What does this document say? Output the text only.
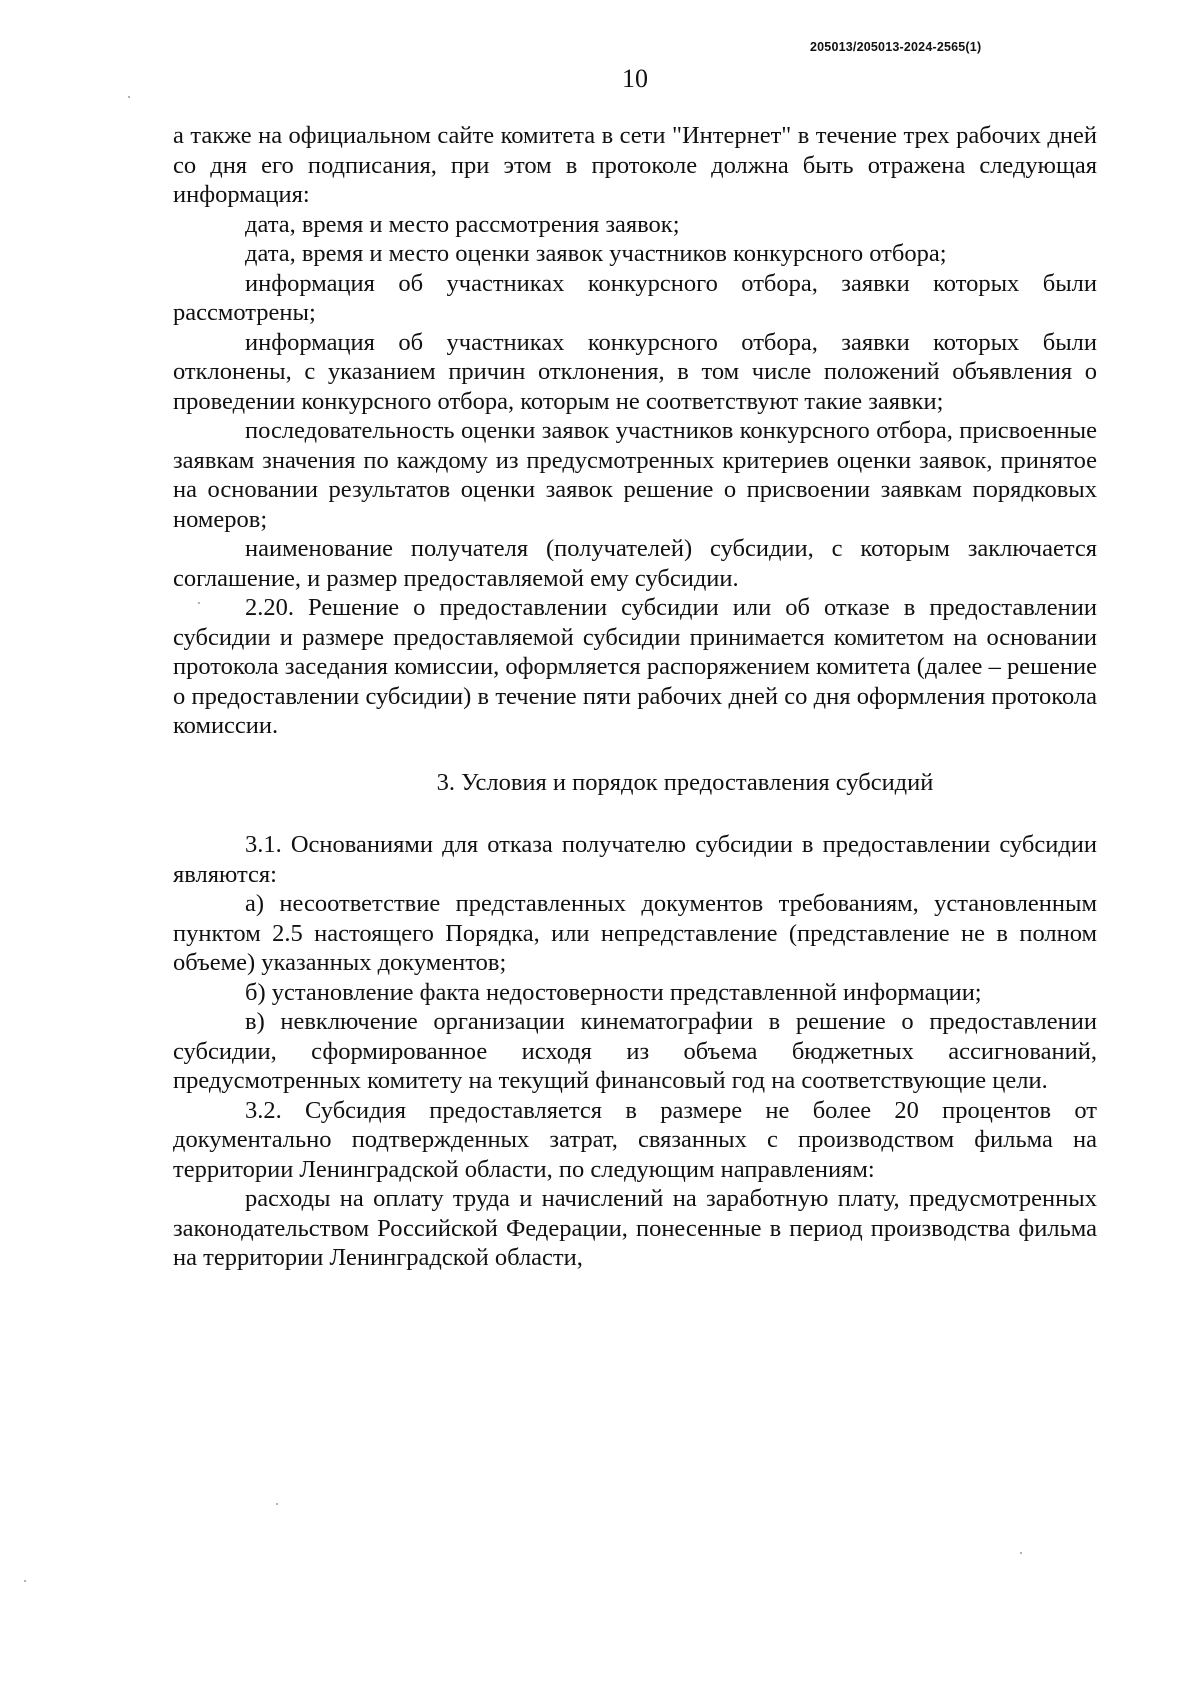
205013/205013-2024-2565(1)
10

а также на официальном сайте комитета в сети "Интернет" в течение трех рабочих дней со дня его подписания, при этом в протоколе должна быть отражена следующая информация:

дата, время и место рассмотрения заявок;

дата, время и место оценки заявок участников конкурсного отбора;

информация об участниках конкурсного отбора, заявки которых были рассмотрены;

информация об участниках конкурсного отбора, заявки которых были отклонены, с указанием причин отклонения, в том числе положений объявления о проведении конкурсного отбора, которым не соответствуют такие заявки;

последовательность оценки заявок участников конкурсного отбора, присвоенные заявкам значения по каждому из предусмотренных критериев оценки заявок, принятое на основании результатов оценки заявок решение о присвоении заявкам порядковых номеров;

наименование получателя (получателей) субсидии, с которым заключается соглашение, и размер предоставляемой ему субсидии.

2.20. Решение о предоставлении субсидии или об отказе в предоставлении субсидии и размере предоставляемой субсидии принимается комитетом на основании протокола заседания комиссии, оформляется распоряжением комитета (далее – решение о предоставлении субсидии) в течение пяти рабочих дней со дня оформления протокола комиссии.

3. Условия и порядок предоставления субсидий

3.1. Основаниями для отказа получателю субсидии в предоставлении субсидии являются:

а) несоответствие представленных документов требованиям, установленным пунктом 2.5 настоящего Порядка, или непредставление (представление не в полном объеме) указанных документов;

б) установление факта недостоверности представленной информации;

в) невключение организации кинематографии в решение о предоставлении субсидии, сформированное исходя из объема бюджетных ассигнований, предусмотренных комитету на текущий финансовый год на соответствующие цели.

3.2. Субсидия предоставляется в размере не более 20 процентов от документально подтвержденных затрат, связанных с производством фильма на территории Ленинградской области, по следующим направлениям:

расходы на оплату труда и начислений на заработную плату, предусмотренных законодательством Российской Федерации, понесенные в период производства фильма на территории Ленинградской области,
